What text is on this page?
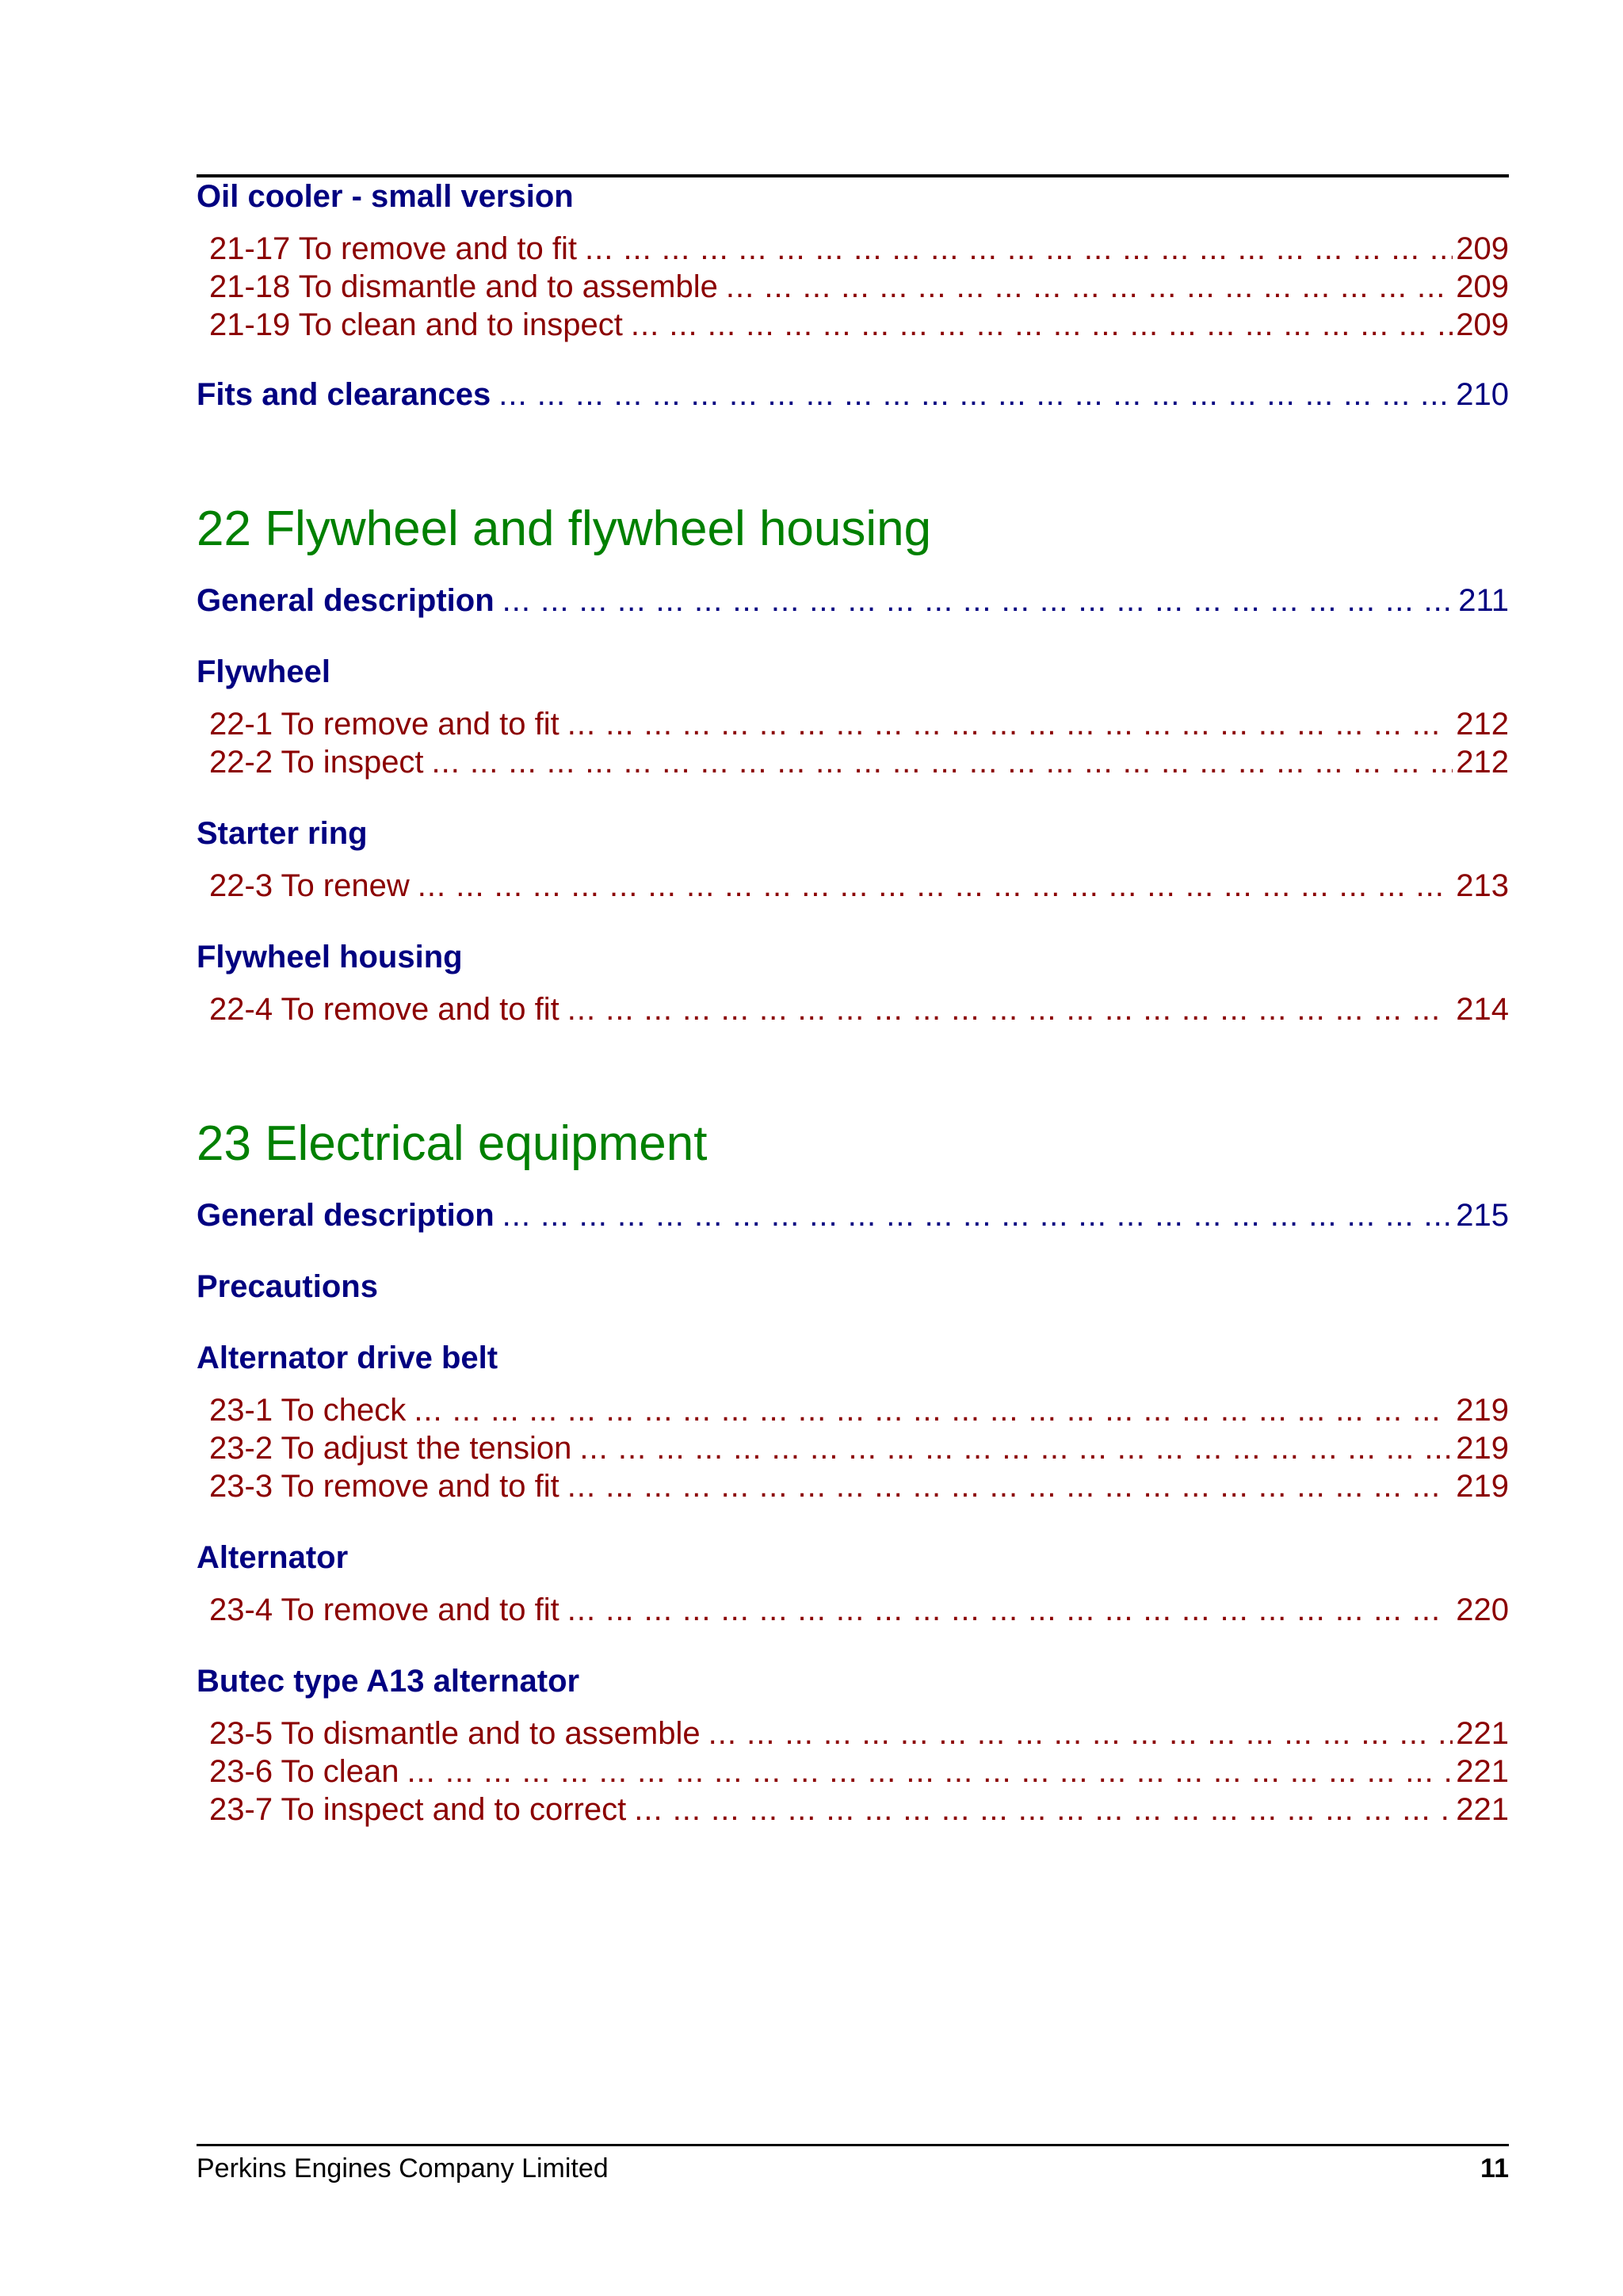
Oil cooler - small version
21-17 To remove and to fit ... .	209
21-18 To dismantle and to assemble ... .	209
21-19 To clean and to inspect ... .	209
Fits and clearances ... .	210
22 Flywheel and flywheel housing
General description ... .	211
Flywheel
22-1 To remove and to fit ... .	212
22-2 To inspect ... .	212
Starter ring
22-3 To renew ... .	213
Flywheel housing
22-4 To remove and to fit ... .	214
23 Electrical equipment
General description ... .	215
Precautions
Alternator drive belt
23-1 To check ... .	219
23-2 To adjust the tension ... .	219
23-3 To remove and to fit ... .	219
Alternator
23-4 To remove and to fit ... .	220
Butec type A13 alternator
23-5 To dismantle and to assemble ... .	221
23-6 To clean ... .	221
23-7 To inspect and to correct ... .	221
Perkins Engines Company Limited	11
